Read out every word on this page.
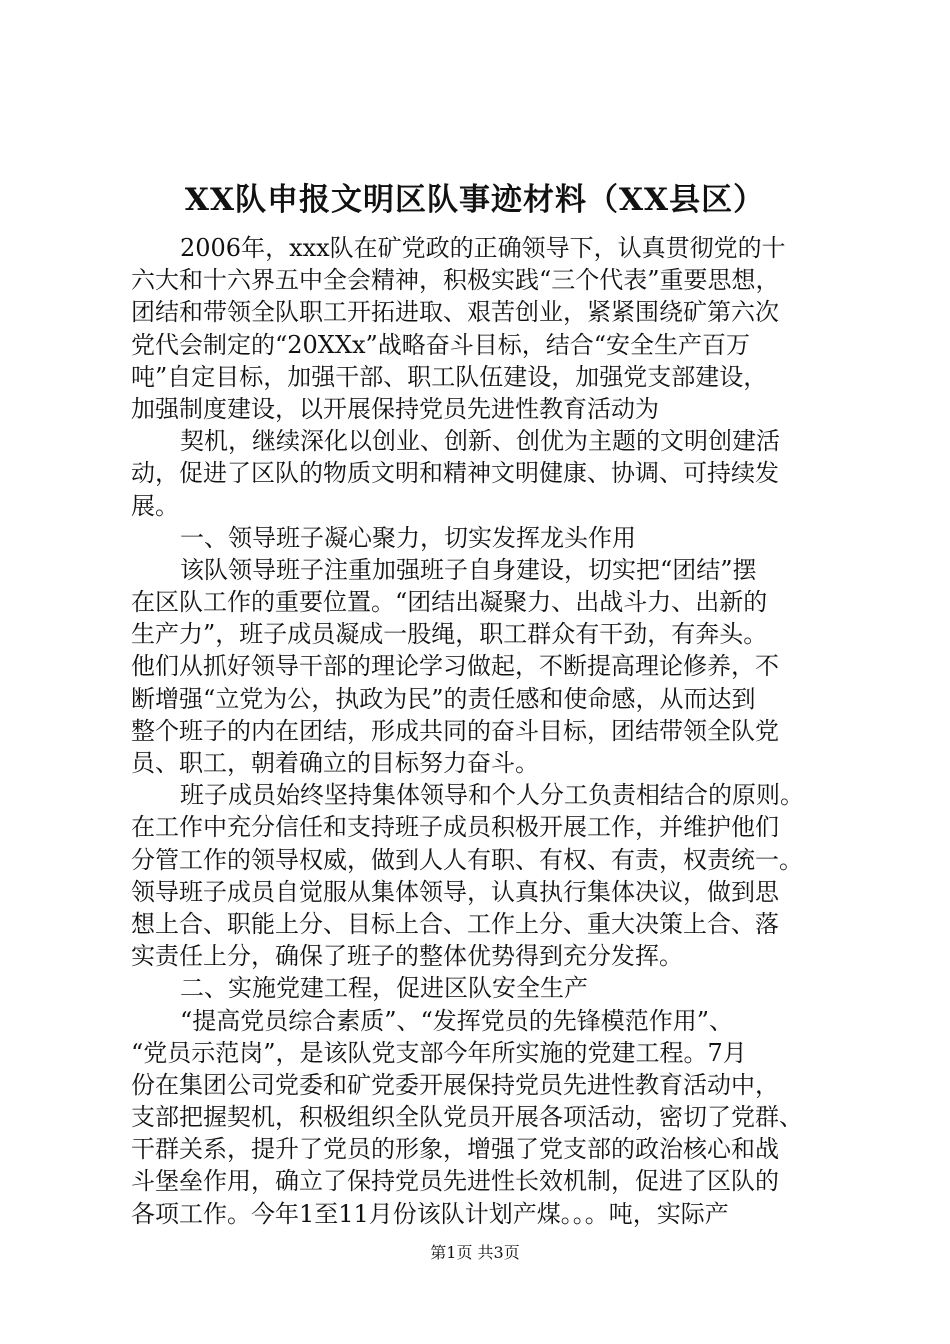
XX队申报文明区队事迹材料（XX县区）
2006年，xxx队在矿党政的正确领导下，认真贯彻党的十
六大和十六界五中全会精神，积极实践“三个代表”重要思想，
团结和带领全队职工开拓进取、艰苦创业，紧紧围绕矿第六次
党代会制定的“20XXx”战略奋斗目标，结合“安全生产百万
吨”自定目标，加强干部、职工队伍建设，加强党支部建设，
加强制度建设，以开展保持党员先进性教育活动为
契机，继续深化以创业、创新、创优为主题的文明创建活
动，促进了区队的物质文明和精神文明健康、协调、可持续发
展。
一、领导班子凝心聚力，切实发挥龙头作用
该队领导班子注重加强班子自身建设，切实把“团结”摆
在区队工作的重要位置。“团结出凝聚力、出战斗力、出新的
生产力”，班子成员凝成一股绳，职工群众有干劲，有奔头。
他们从抓好领导干部的理论学习做起，不断提高理论修养，不
断增强“立党为公，执政为民”的责任感和使命感，从而达到
整个班子的内在团结，形成共同的奋斗目标，团结带领全队党
员、职工，朝着确立的目标努力奋斗。
班子成员始终坚持集体领导和个人分工负责相结合的原则。
在工作中充分信任和支持班子成员积极开展工作，并维护他们
分管工作的领导权威，做到人人有职、有权、有责，权责统一。
领导班子成员自觉服从集体领导，认真执行集体决议，做到思
想上合、职能上分、目标上合、工作上分、重大决策上合、落
实责任上分，确保了班子的整体优势得到充分发挥。
二、实施党建工程，促进区队安全生产
“提高党员综合素质”、“发挥党员的先锋模范作用”、
“党员示范岗”，是该队党支部今年所实施的党建工程。7月
份在集团公司党委和矿党委开展保持党员先进性教育活动中，
支部把握契机，积极组织全队党员开展各项活动，密切了党群、
干群关系，提升了党员的形象，增强了党支部的政治核心和战
斗堡垒作用，确立了保持党员先进性长效机制，促进了区队的
各项工作。今年1至11月份该队计划产煤。。。吨，实际产
第1页 共3页
